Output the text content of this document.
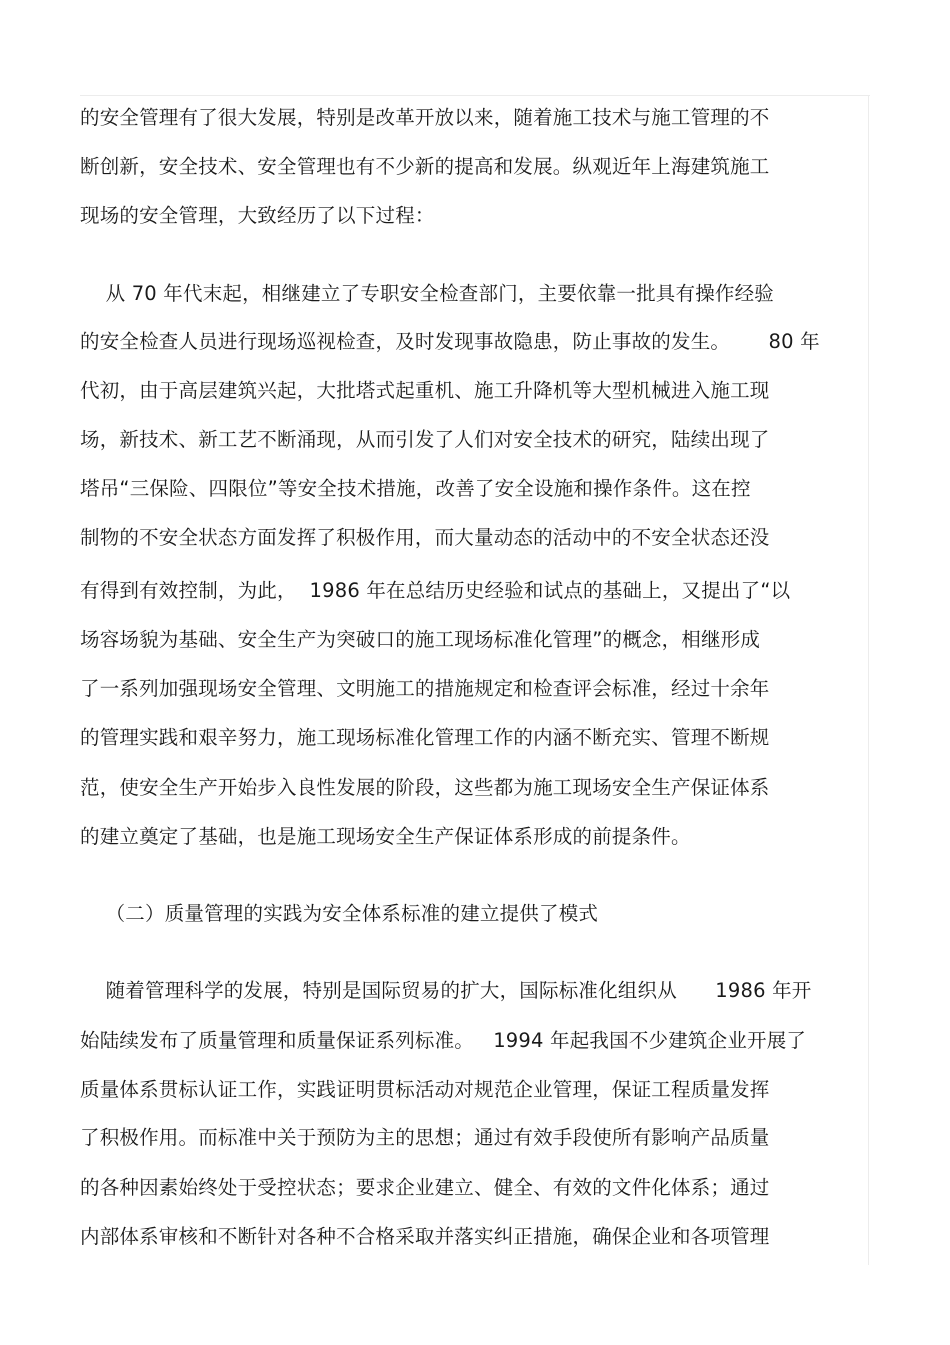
的安全管理有了很大发展，特别是改革开放以来，随着施工技术与施工管理的不
断创新，安全技术、安全管理也有不少新的提高和发展。纵观近年上海建筑施工
现场的安全管理，大致经历了以下过程：
从 70 年代末起，相继建立了专职安全检查部门，主要依靠一批具有操作经验
的安全检查人员进行现场巡视检查，及时发现事故隐患，防止事故的发生。      80 年
代初，由于高层建筑兴起，大批塔式起重机、施工升降机等大型机械进入施工现
场，新技术、新工艺不断涌现，从而引发了人们对安全技术的研究，陆续出现了
塔吊“三保险、四限位”等安全技术措施，改善了安全设施和操作条件。这在控
制物的不安全状态方面发挥了积极作用，而大量动态的活动中的不安全状态还没
有得到有效控制，为此，  1986 年在总结历史经验和试点的基础上，又提出了“以
场容场貌为基础、安全生产为突破口的施工现场标准化管理”的概念，相继形成
了一系列加强现场安全管理、文明施工的措施规定和检查评会标准，经过十余年
的管理实践和艰辛努力，施工现场标准化管理工作的内涵不断充实、管理不断规
范，使安全生产开始步入良性发展的阶段，这些都为施工现场安全生产保证体系
的建立奠定了基础，也是施工现场安全生产保证体系形成的前提条件。
（二）质量管理的实践为安全体系标准的建立提供了模式
随着管理科学的发展，特别是国际贸易的扩大，国际标准化组织从      1986 年开
始陆续发布了质量管理和质量保证系列标准。   1994 年起我国不少建筑企业开展了
质量体系贯标认证工作，实践证明贯标活动对规范企业管理，保证工程质量发挥
了积极作用。而标准中关于预防为主的思想；通过有效手段使所有影响产品质量
的各种因素始终处于受控状态；要求企业建立、健全、有效的文件化体系；通过
内部体系审核和不断针对各种不合格采取并落实纠正措施，确保企业和各项管理
